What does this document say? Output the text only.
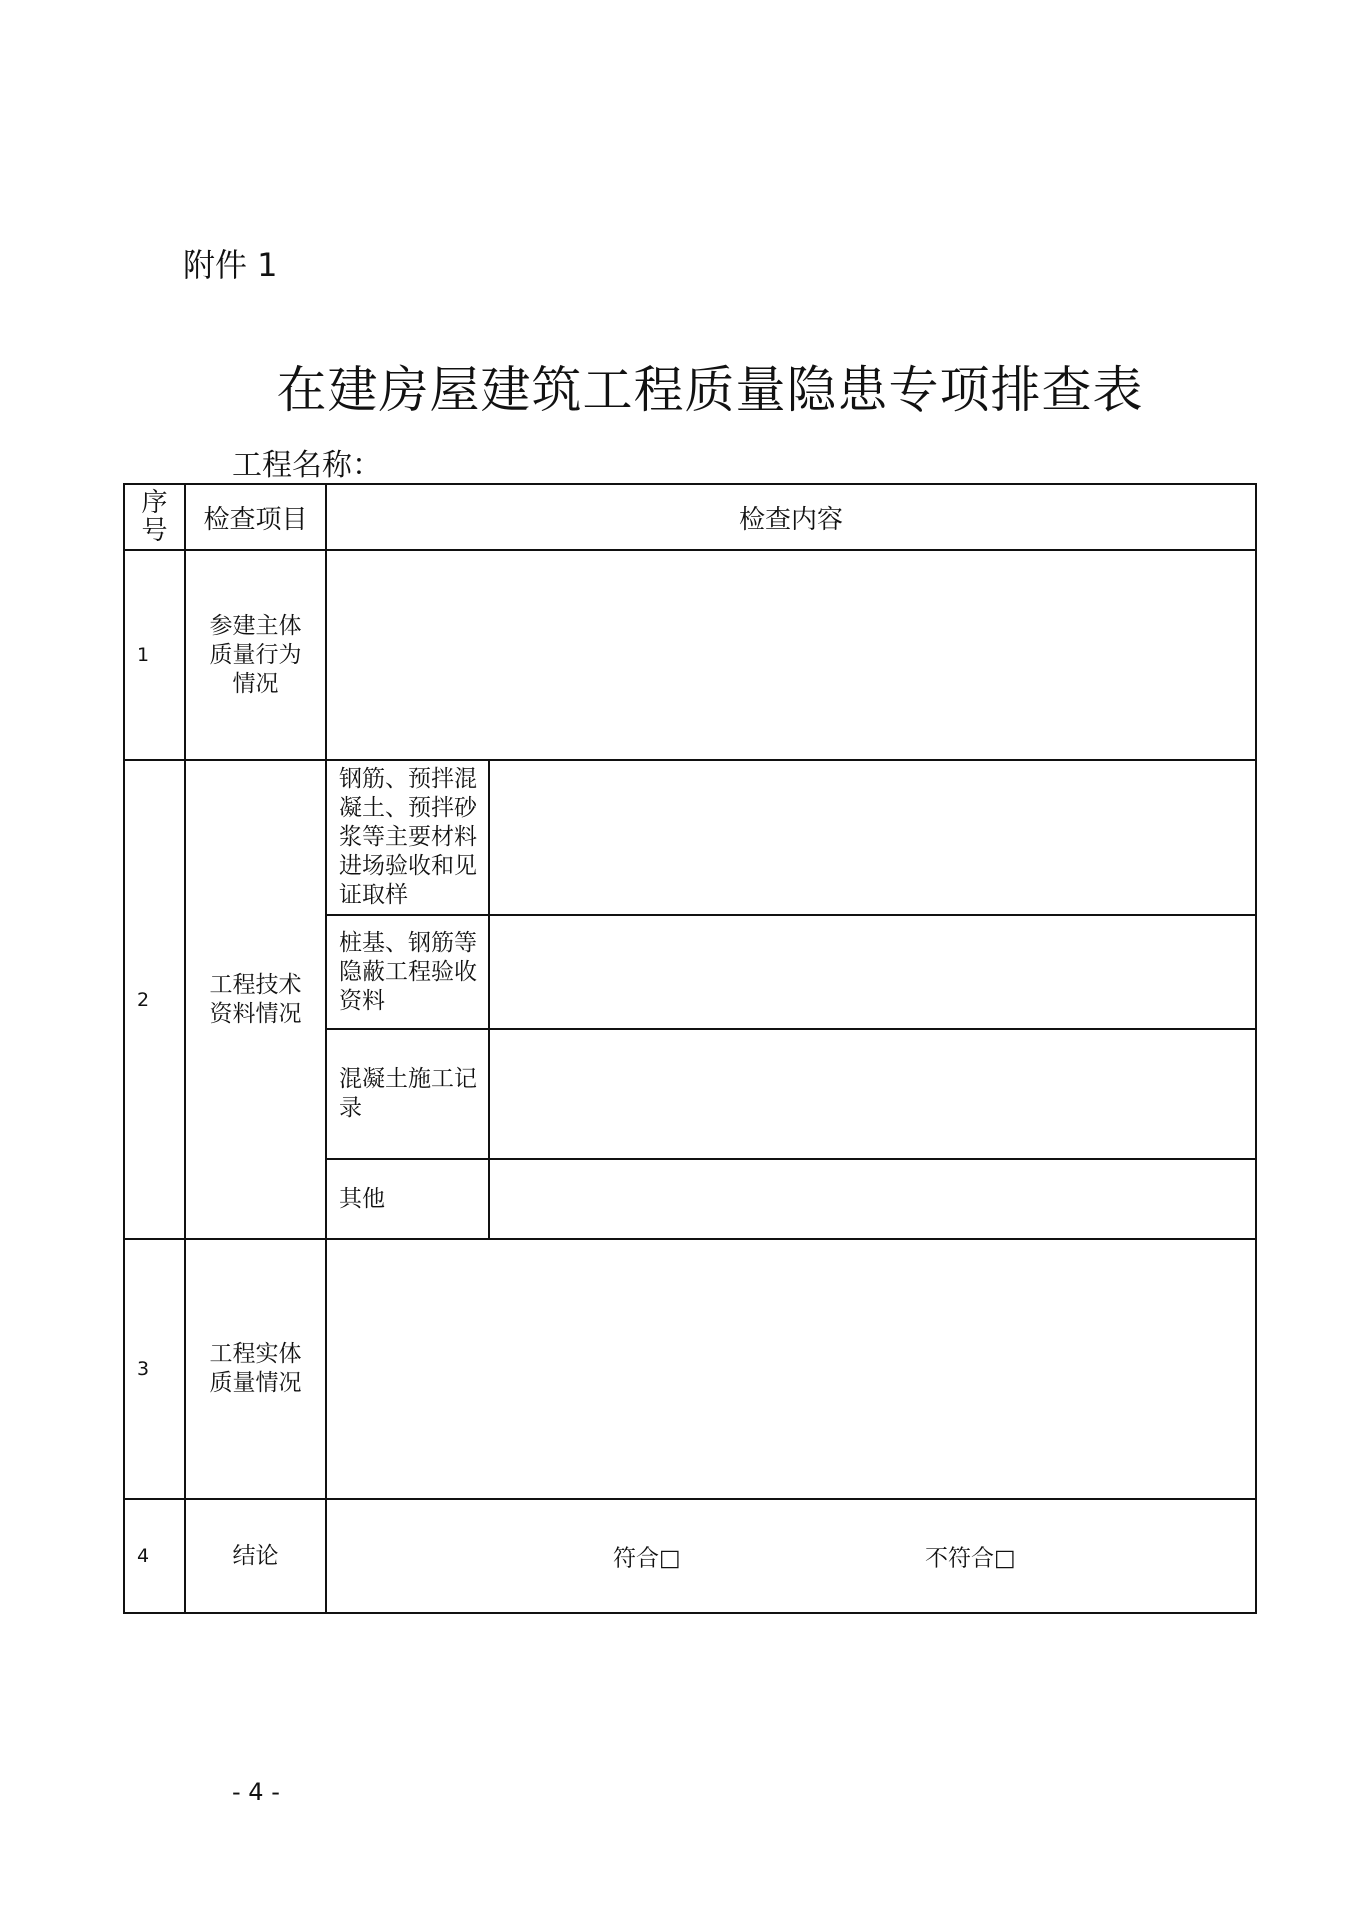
附件 1
在建房屋建筑工程质量隐患专项排查表
工程名称：
序号	检查项目	检查内容	
1	参建主体质量行为情况		
2	工程技术资料情况	钢筋、预拌混凝土、预拌砂浆等主要材料进场验收和见证取样	
		桩基、钢筋等隐蔽工程验收资料	
		混凝土施工记录	
		其他	
3	工程实体质量情况		
4	结论	符合□ 不符合□	
- 4 -
